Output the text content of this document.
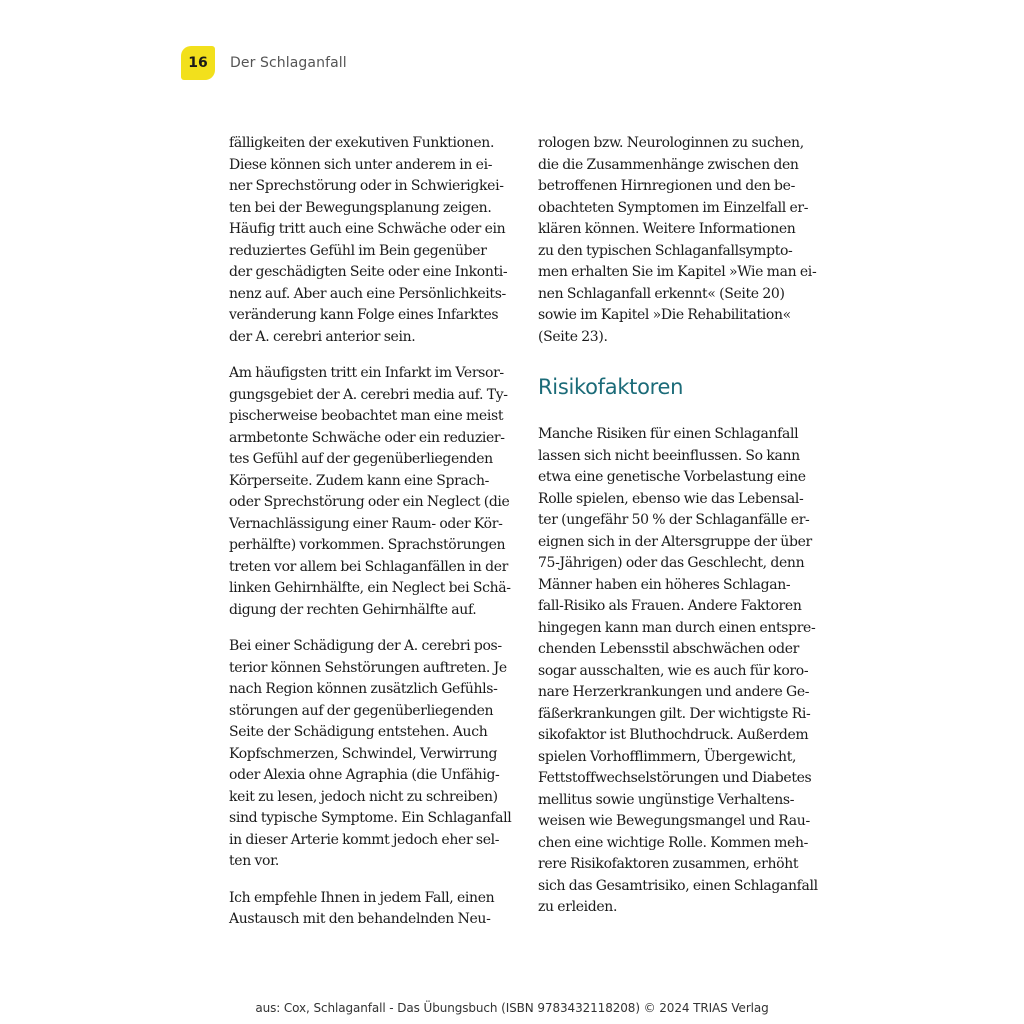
16	Der Schlaganfall
fälligkeiten der exekutiven Funktionen.
Diese können sich unter anderem in ei-
ner Sprechstörung oder in Schwierigkei-
ten bei der Bewegungsplanung zeigen.
Häufig tritt auch eine Schwäche oder ein
reduziertes Gefühl im Bein gegenüber
der geschädigten Seite oder eine Inkonti-
nenz auf. Aber auch eine Persönlichkeits-
veränderung kann Folge eines Infarktes
der A. cerebri anterior sein.
Am häufigsten tritt ein Infarkt im Versor-
gungsgebiet der A. cerebri media auf. Ty-
pischerweise beobachtet man eine meist
armbetonte Schwäche oder ein reduzier-
tes Gefühl auf der gegenüberliegenden
Körperseite. Zudem kann eine Sprach-
oder Sprechstörung oder ein Neglect (die
Vernachlässigung einer Raum- oder Kör-
perhälfte) vorkommen. Sprachstörungen
treten vor allem bei Schlaganfällen in der
linken Gehirnhälfte, ein Neglect bei Schä-
digung der rechten Gehirnhälfte auf.
Bei einer Schädigung der A. cerebri pos-
terior können Sehstörungen auftreten. Je
nach Region können zusätzlich Gefühls-
störungen auf der gegenüberliegenden
Seite der Schädigung entstehen. Auch
Kopfschmerzen, Schwindel, Verwirrung
oder Alexia ohne Agraphia (die Unfähig-
keit zu lesen, jedoch nicht zu schreiben)
sind typische Symptome. Ein Schlaganfall
in dieser Arterie kommt jedoch eher sel-
ten vor.
Ich empfehle Ihnen in jedem Fall, einen
Austausch mit den behandelnden Neu-
rologen bzw. Neurologinnen zu suchen,
die die Zusammenhänge zwischen den
betroffenen Hirnregionen und den be-
obachteten Symptomen im Einzelfall er-
klären können. Weitere Informationen
zu den typischen Schlaganfallsympto-
men erhalten Sie im Kapitel »Wie man ei-
nen Schlaganfall erkennt« (Seite 20)
sowie im Kapitel »Die Rehabilitation«
(Seite 23).
Risikofaktoren
Manche Risiken für einen Schlaganfall
lassen sich nicht beeinflussen. So kann
etwa eine genetische Vorbelastung eine
Rolle spielen, ebenso wie das Lebensal-
ter (ungefähr 50 % der Schlaganfälle er-
eignen sich in der Altersgruppe der über
75-Jährigen) oder das Geschlecht, denn
Männer haben ein höheres Schlagan-
fall-Risiko als Frauen. Andere Faktoren
hingegen kann man durch einen entspre-
chenden Lebensstil abschwächen oder
sogar ausschalten, wie es auch für koro-
nare Herzerkrankungen und andere Ge-
fäßerkrankungen gilt. Der wichtigste Ri-
sikofaktor ist Bluthochdruck. Außerdem
spielen Vorhofflimmern, Übergewicht,
Fettstoffwechselstörungen und Diabetes
mellitus sowie ungünstige Verhaltens-
weisen wie Bewegungsmangel und Rau-
chen eine wichtige Rolle. Kommen meh-
rere Risikofaktoren zusammen, erhöht
sich das Gesamtrisiko, einen Schlaganfall
zu erleiden.
aus: Cox, Schlaganfall - Das Übungsbuch (ISBN 9783432118208) © 2024 TRIAS Verlag
